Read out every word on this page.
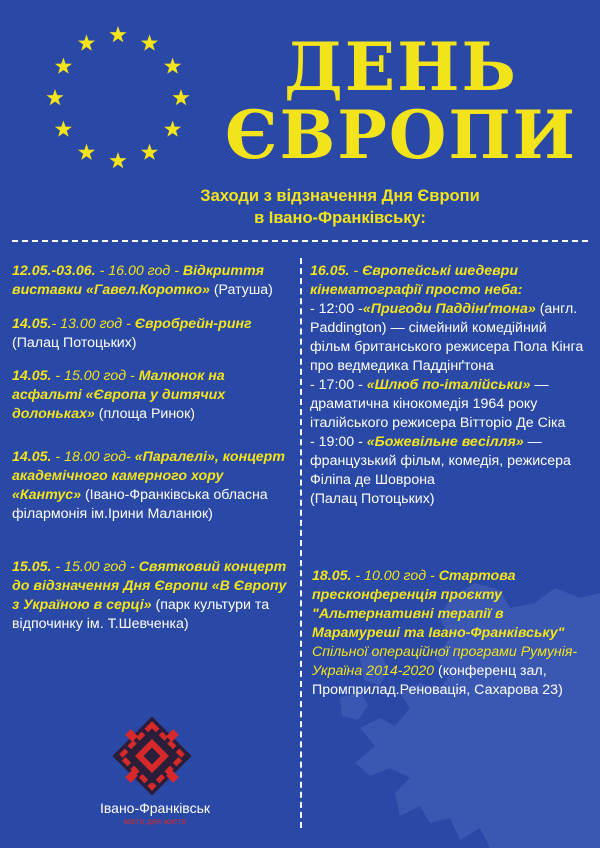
ДЕНЬ
ЄВРОПИ
Заходи з відзначення Дня Європи
в Івано-Франківську:
12.05.-03.06. - 16.00 год - Відкриття виставки «Гавел.Коротко» (Ратуша)
14.05.- 13.00 год - Євробрейн-ринг
(Палац Потоцьких)
14.05. - 15.00 год - Малюнок на асфальті «Європа у дитячих долоньках» (площа Ринок)
14.05. - 18.00 год- «Паралелі», концерт академічного камерного хору «Кантус» (Івано-Франківська обласна філармонія ім.Ірини Маланюк)
15.05. - 15.00 год - Святковий концерт до відзначення Дня Європи «В Європу з Україною в серці» (парк культури та відпочинку ім. Т.Шевченка)
16.05. - Європейські шедеври кінематографії просто неба:
- 12:00 -«Пригоди Паддінґтона» (англ. Paddington) — сімейний комедійний фільм британського режисера Пола Кінга про ведмедика Паддінґтона
- 17:00 - «Шлюб по-італійськи» — драматична кінокомедія 1964 року італійського режисера Вітторіо Де Сіка
- 19:00 - «Божевільне весілля» — французький фільм, комедія, режисера Філіпа де Шоврона
(Палац Потоцьких)
18.05. - 10.00 год - Стартова пресконференція проєкту "Альтернативні терапії в Марамуреші та Івано-Франківську" Спільної операційної програми Румунія-Україна 2014-2020 (конференц зал, Промприлад.Реновація, Сахарова 23)
Івано-Франківськ
місто для життя
